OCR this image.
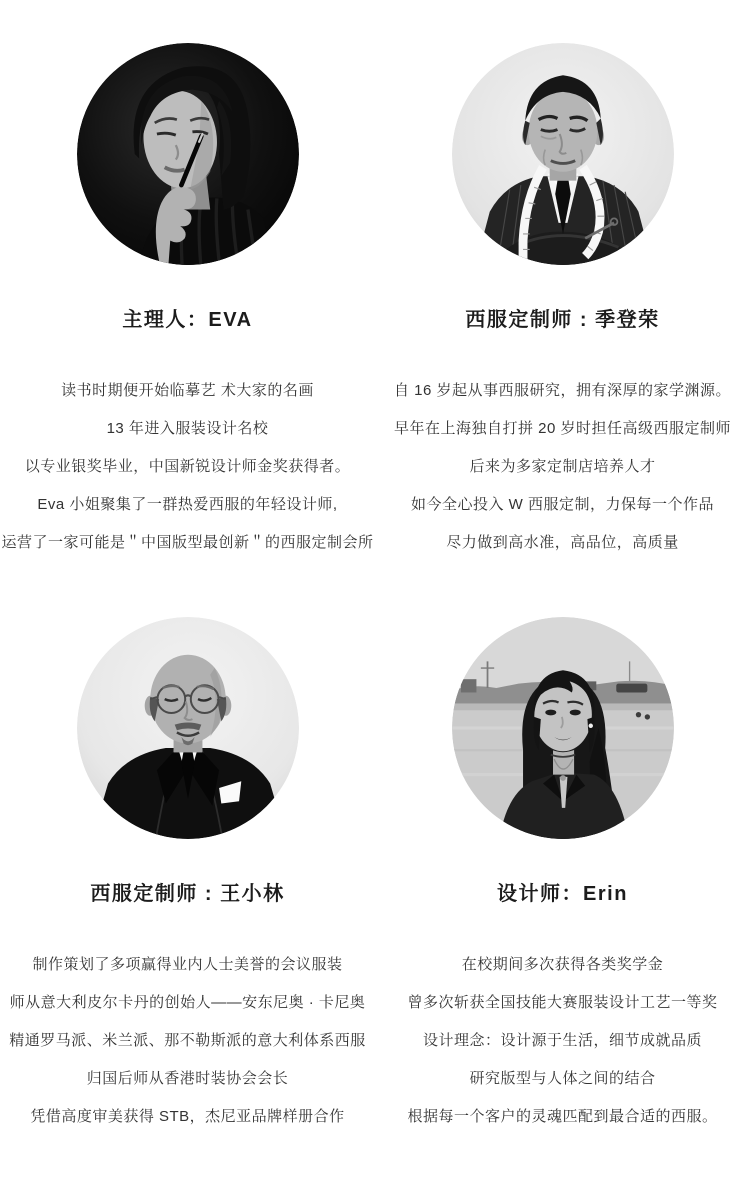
主理人：EVA

读书时期便开始临摹艺 术大家的名画

13 年进入服装设计名校

以专业银奖毕业，中国新锐设计师金奖获得者。

Eva 小姐聚集了一群热爱西服的年轻设计师,

运营了一家可能是＂中国版型最创新＂的西服定制会所

西服定制师 : 季登荣

自 16 岁起从事西服研究，拥有深厚的家学渊源。

早年在上海独自打拼 20 岁时担任高级西服定制师

后来为多家定制店培养人才

如今全心投入 W 西服定制，力保每一个作品

尽力做到高水准，高品位，高质量

西服定制师 : 王小林

制作策划了多项赢得业内人士美誉的会议服装

师从意大利皮尔卡丹的创始人——安东尼奥 · 卡尼奥

精通罗马派、米兰派、那不勒斯派的意大利体系西服

归国后师从香港时装协会会长

凭借高度审美获得 STB，杰尼亚品牌样册合作

设计师：Erin

在校期间多次获得各类奖学金

曾多次斩获全国技能大赛服装设计工艺一等奖

设计理念：设计源于生活，细节成就品质

研究版型与人体之间的结合

根据每一个客户的灵魂匹配到最合适的西服。
